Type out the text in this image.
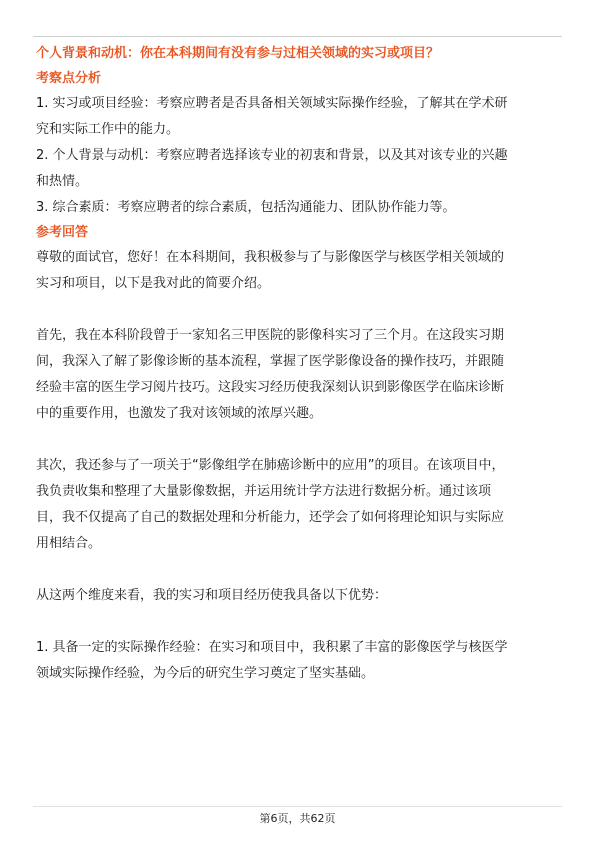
个人背景和动机：你在本科期间有没有参与过相关领域的实习或项目？

考察点分析

1. 实习或项目经验：考察应聘者是否具备相关领域实际操作经验，了解其在学术研

究和实际工作中的能力。

2. 个人背景与动机：考察应聘者选择该专业的初衷和背景，以及其对该专业的兴趣

和热情。

3. 综合素质：考察应聘者的综合素质，包括沟通能力、团队协作能力等。

参考回答

尊敬的面试官，您好！在本科期间，我积极参与了与影像医学与核医学相关领域的

实习和项目，以下是我对此的简要介绍。

首先，我在本科阶段曾于一家知名三甲医院的影像科实习了三个月。在这段实习期

间，我深入了解了影像诊断的基本流程，掌握了医学影像设备的操作技巧，并跟随

经验丰富的医生学习阅片技巧。这段实习经历使我深刻认识到影像医学在临床诊断

中的重要作用，也激发了我对该领域的浓厚兴趣。

其次，我还参与了一项关于“影像组学在肺癌诊断中的应用”的项目。在该项目中，

我负责收集和整理了大量影像数据，并运用统计学方法进行数据分析。通过该项

目，我不仅提高了自己的数据处理和分析能力，还学会了如何将理论知识与实际应

用相结合。

从这两个维度来看，我的实习和项目经历使我具备以下优势：

1. 具备一定的实际操作经验：在实习和项目中，我积累了丰富的影像医学与核医学

领域实际操作经验，为今后的研究生学习奠定了坚实基础。

第6页，共62页
